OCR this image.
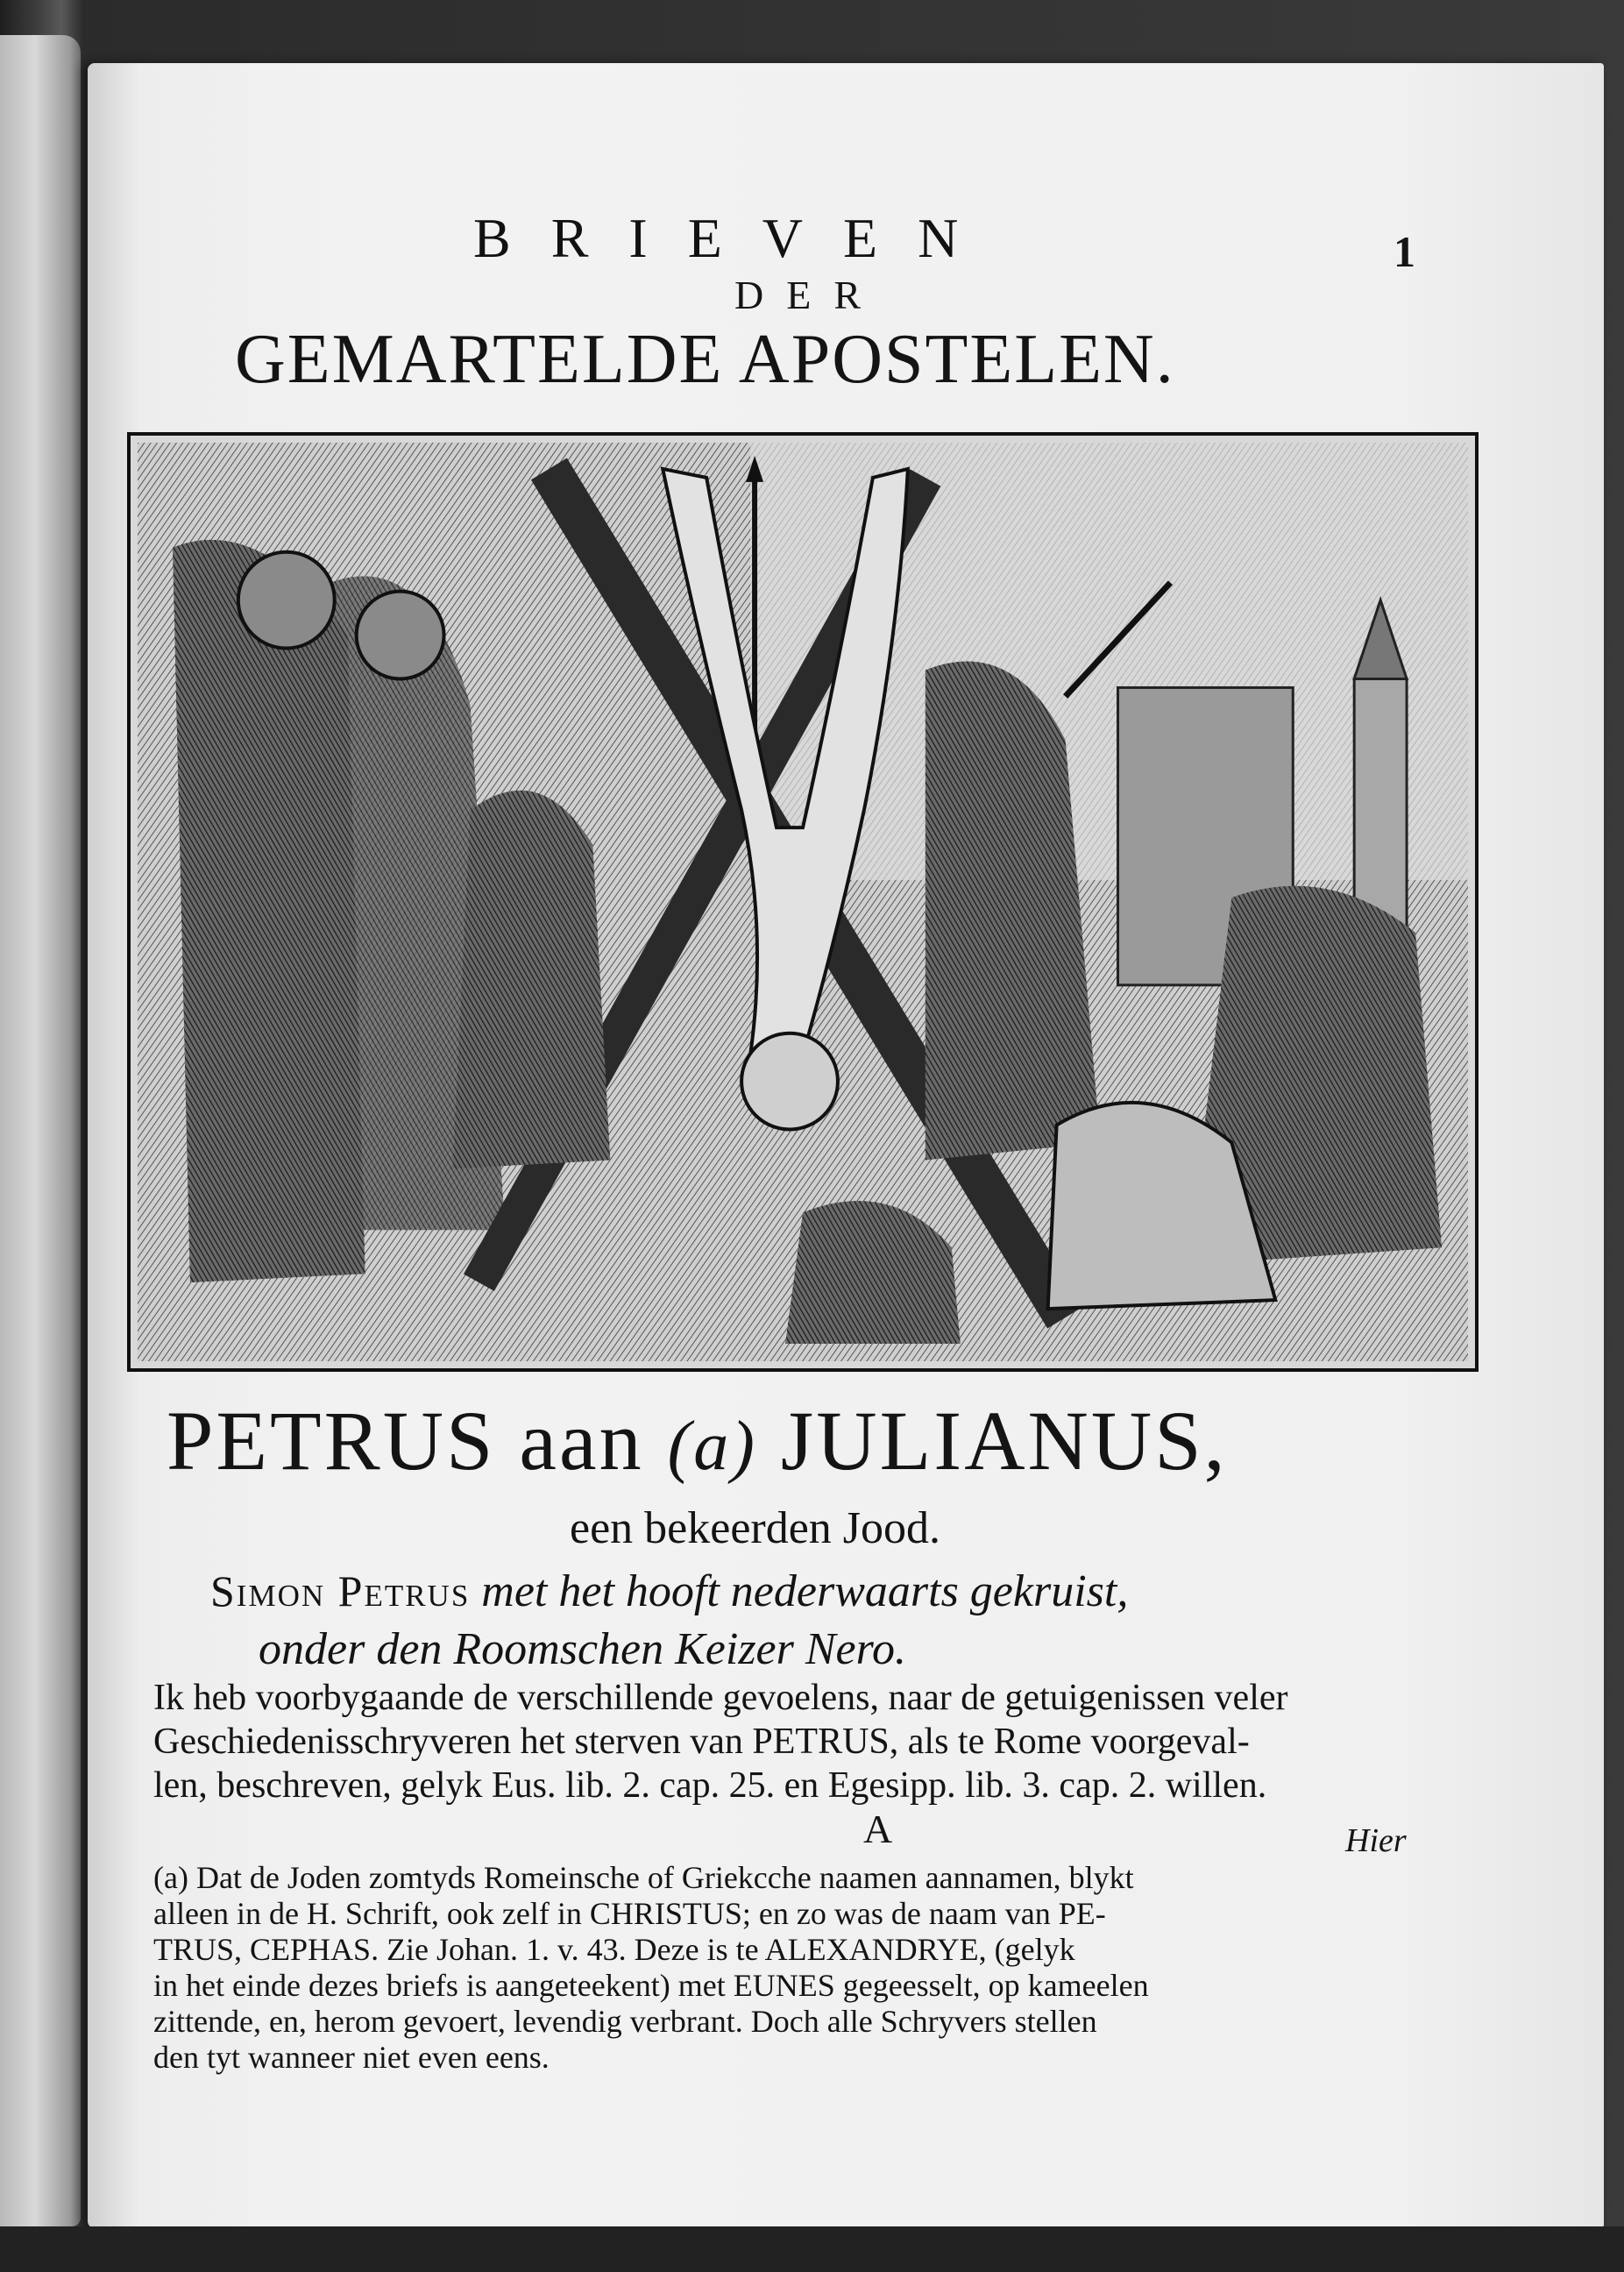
BRIEVEN	1
DER
GEMARTELDE APOSTELEN.
PETRUS aan (a) JULIANUS,
een bekeerden Jood.
Simon Petrus met het hooft nederwaarts gekruist,
onder den Roomschen Keizer Nero.
Ik heb voorbygaande de verschillende gevoelens, naar de getuigenissen veler
Geschiedenisschryveren het sterven van PETRUS, als te Rome voorgeval-
len, beschreven, gelyk Eus. lib. 2. cap. 25. en Egesipp. lib. 3. cap. 2. willen.
A	Hier
(a) Dat de Joden zomtyds Romeinsche of Griekсche naamen aannamen, blykt
alleen in de H. Schrift, ook zelf in CHRISTUS; en zo was de naam van PE-
TRUS, CEPHAS. Zie Johan. 1. v. 43. Deze is te ALEXANDRYE, (gelyk
in het einde dezes briefs is aangeteekent) met EUNES gegeesselt, op kameelen
zittende, en, herom gevoert, levendig verbrant. Doch alle Schryvers stellen
den tyt wanneer niet even eens.
